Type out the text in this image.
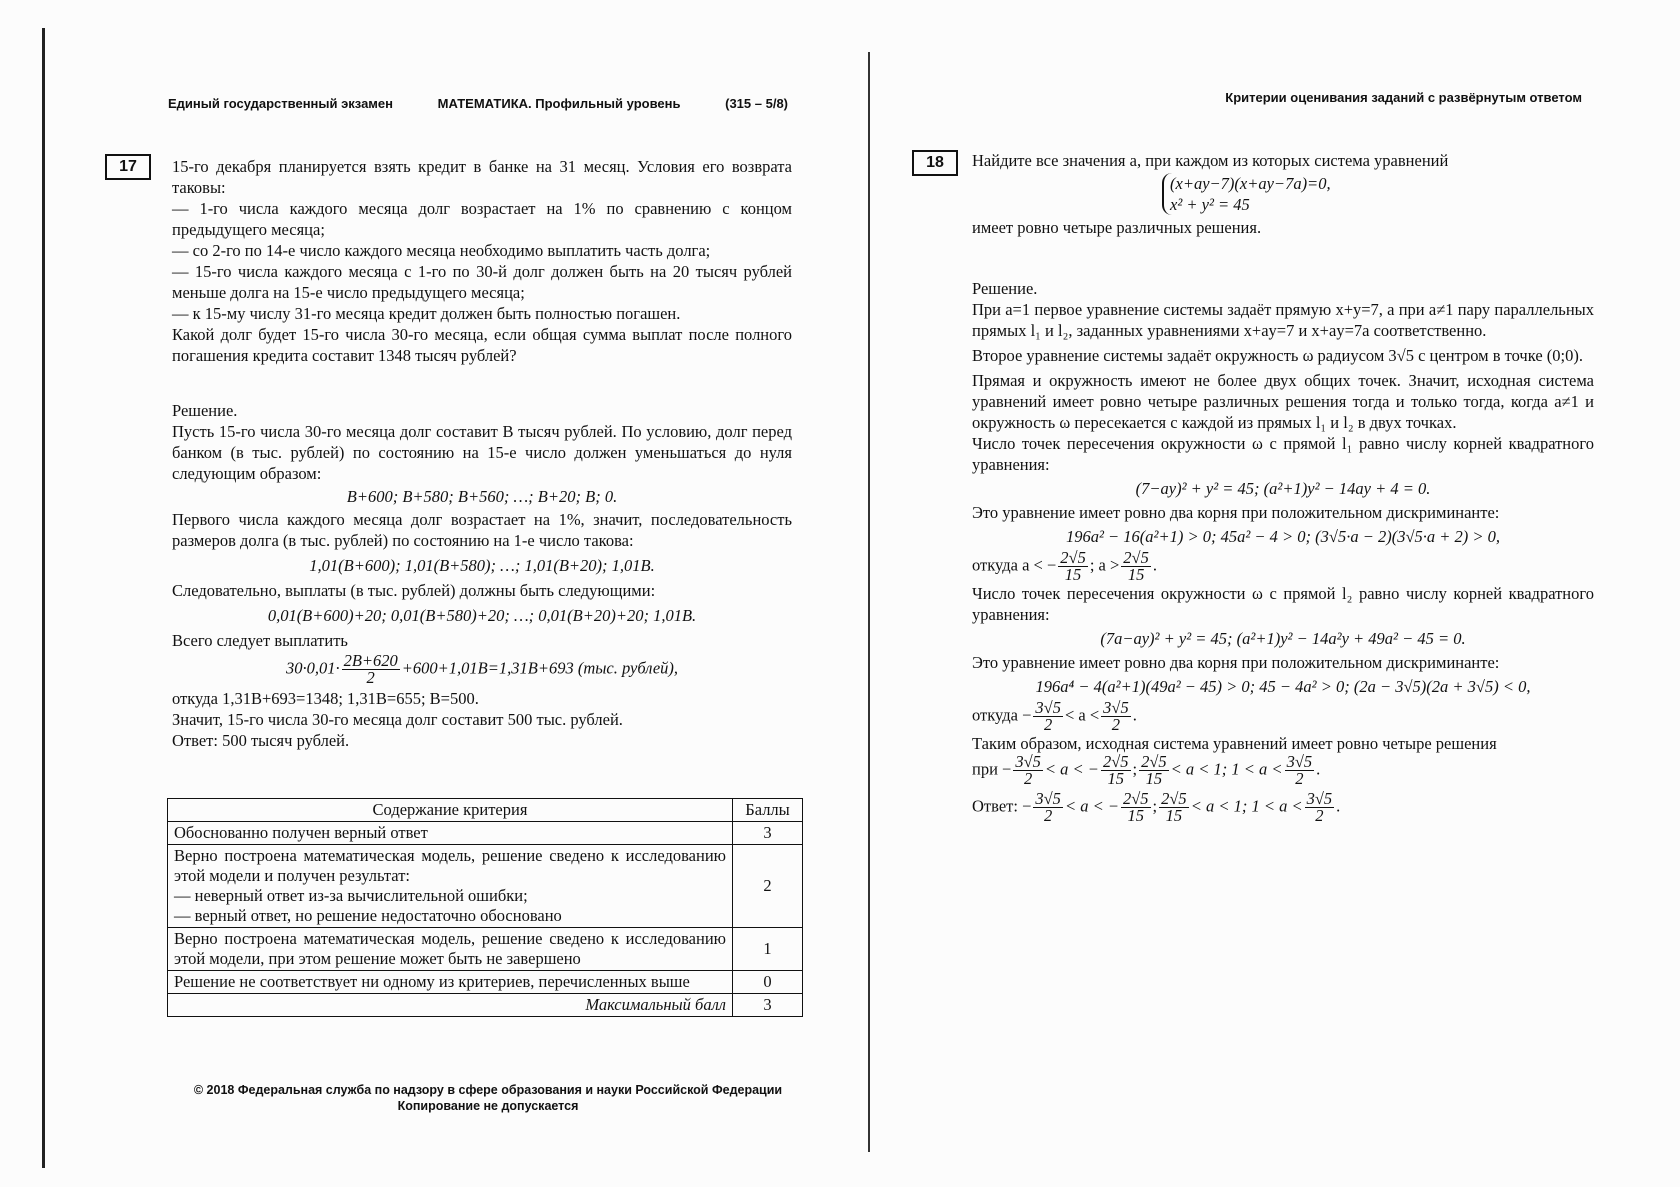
Единый государственный экзамен	МАТЕМАТИКА. Профильный уровень	(315 – 5/8)
17	15-го декабря планируется взять кредит в банке на 31 месяц. Условия его возврата таковы:

— 1-го числа каждого месяца долг возрастает на 1% по сравнению с концом предыдущего месяца;

— со 2-го по 14-е число каждого месяца необходимо выплатить часть долга;

— 15-го числа каждого месяца с 1-го по 30-й долг должен быть на 20 тысяч рублей меньше долга на 15-е число предыдущего месяца;

— к 15-му числу 31-го месяца кредит должен быть полностью погашен.

Какой долг будет 15-го числа 30-го месяца, если общая сумма выплат после полного погашения кредита составит 1348 тысяч рублей?

Решение.

Пусть 15-го числа 30-го месяца долг составит B тысяч рублей. По условию, долг перед банком (в тыс. рублей) по состоянию на 15-е число должен уменьшаться до нуля следующим образом:

B+600; B+580; B+560; …; B+20; B; 0.

Первого числа каждого месяца долг возрастает на 1%, значит, последовательность размеров долга (в тыс. рублей) по состоянию на 1-е число такова:

1,01(B+600); 1,01(B+580); …; 1,01(B+20); 1,01B.

Следовательно, выплаты (в тыс. рублей) должны быть следующими:

0,01(B+600)+20; 0,01(B+580)+20; …; 0,01(B+20)+20; 1,01B.

Всего следует выплатить

$30\cdot 0,01\cdot \frac{2B+620}{2} +600+1,01B=1,31B+693$ (тыс. рублей),

откуда 1,31B+693=1348; 1,31B=655; B=500.

Значит, 15-го числа 30-го месяца долг составит 500 тыс. рублей.

Ответ: 500 тысяч рублей.

Содержание критерия	Баллы
Обоснованно получен верный ответ	3
Верно построена математическая модель, решение сведено к исследованию этой модели и получен результат:
— неверный ответ из-за вычислительной ошибки;
— верный ответ, но решение недостаточно обосновано	2
Верно построена математическая модель, решение сведено к исследованию этой модели, при этом решение может быть не завершено	1
Решение не соответствует ни одному из критериев, перечисленных выше	0
Максимальный балл	3
© 2018 Федеральная служба по надзору в сфере образования и науки Российской Федерации
Копирование не допускается
Критерии оценивания заданий с развёрнутым ответом
18	Найдите все значения a, при каждом из которых система уравнений

(x+ay−7)(x+ay−7a)=0,
x² + y² = 45

имеет ровно четыре различных решения.

Решение.

При a=1 первое уравнение системы задаёт прямую x+y=7, а при a≠1 пару параллельных прямых l₁ и l₂, заданных уравнениями x+ay=7 и x+ay=7a соответственно.

Второе уравнение системы задаёт окружность ω радиусом 3√5 с центром в точке (0;0).

Прямая и окружность имеют не более двух общих точек. Значит, исходная система уравнений имеет ровно четыре различных решения тогда и только тогда, когда a≠1 и окружность ω пересекается с каждой из прямых l₁ и l₂ в двух точках.

Число точек пересечения окружности ω с прямой l₁ равно числу корней квадратного уравнения:

(7−ay)² + y² = 45; (a²+1)y² − 14ay + 4 = 0.

Это уравнение имеет ровно два корня при положительном дискриминанте:

196a² − 16(a²+1) > 0; 45a² − 4 > 0; (3√5·a − 2)(3√5·a + 2) > 0,

откуда a < − $\frac{2√5}{15}$ ; $a > \frac{2√5}{15}$ .

Число точек пересечения окружности ω с прямой l₂ равно числу корней квадратного уравнения:

(7a−ay)² + y² = 45; (a²+1)y² − 14a²y + 49a² − 45 = 0.

Это уравнение имеет ровно два корня при положительном дискриминанте:

196a⁴ − 4(a²+1)(49a² − 45) > 0; 45 − 4a² > 0; (2a − 3√5)(2a + 3√5) < 0,

откуда − $\frac{3√5}{2} < a < \frac{3√5}{2}$ .

Таким образом, исходная система уравнений имеет ровно четыре решения

при − $\frac{3√5}{2} < a$ < − $\frac{2√5}{15}$ ; $\frac{2√5}{15} < a < 1$; $1 < a < \frac{3√5}{2}$ .

Ответ: − $\frac{3√5}{2} < a$ < − $\frac{2√5}{15}$ ; $\frac{2√5}{15} < a < 1$; $1 < a < \frac{3√5}{2}$ .
